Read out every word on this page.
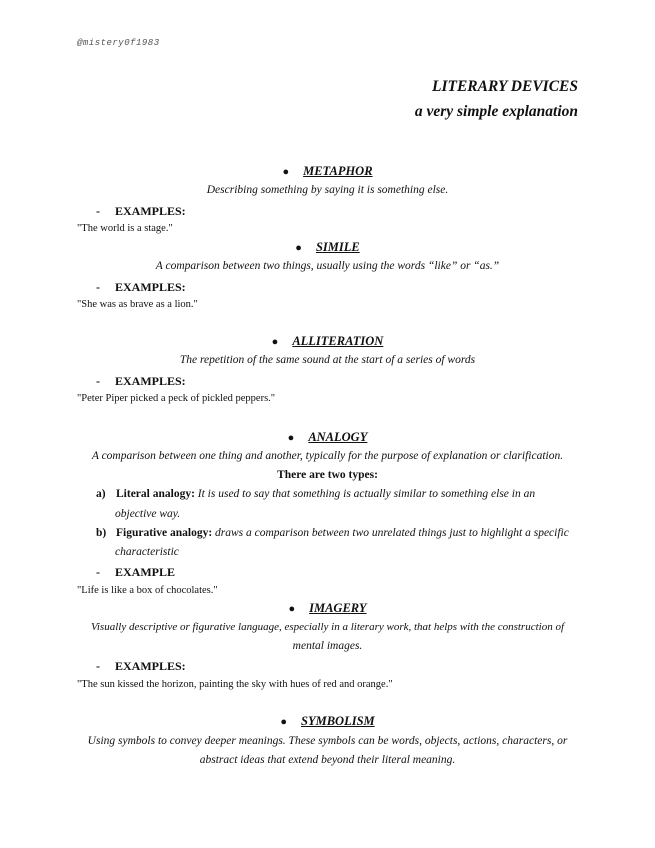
@mistery0f1983
LITERARY DEVICES
a very simple explanation
● METAPHOR
Describing something by saying it is something else.
- EXAMPLES:
"The world is a stage."
● SIMILE
A comparison between two things, usually using the words “like” or “as.”
- EXAMPLES:
"She was as brave as a lion."
● ALLITERATION
The repetition of the same sound at the start of a series of words
- EXAMPLES:
"Peter Piper picked a peck of pickled peppers."
● ANALOGY
A comparison between one thing and another, typically for the purpose of explanation or clarification.
There are two types:
a) Literal analogy: It is used to say that something is actually similar to something else in an
objective way.
b) Figurative analogy: draws a comparison between two unrelated things just to highlight a specific
characteristic
- EXAMPLE
"Life is like a box of chocolates."
● IMAGERY
Visually descriptive or figurative language, especially in a literary work, that helps with the construction of
mental images.
- EXAMPLES:
"The sun kissed the horizon, painting the sky with hues of red and orange."
● SYMBOLISM
Using symbols to convey deeper meanings. These symbols can be words, objects, actions, characters, or
abstract ideas that extend beyond their literal meaning.
